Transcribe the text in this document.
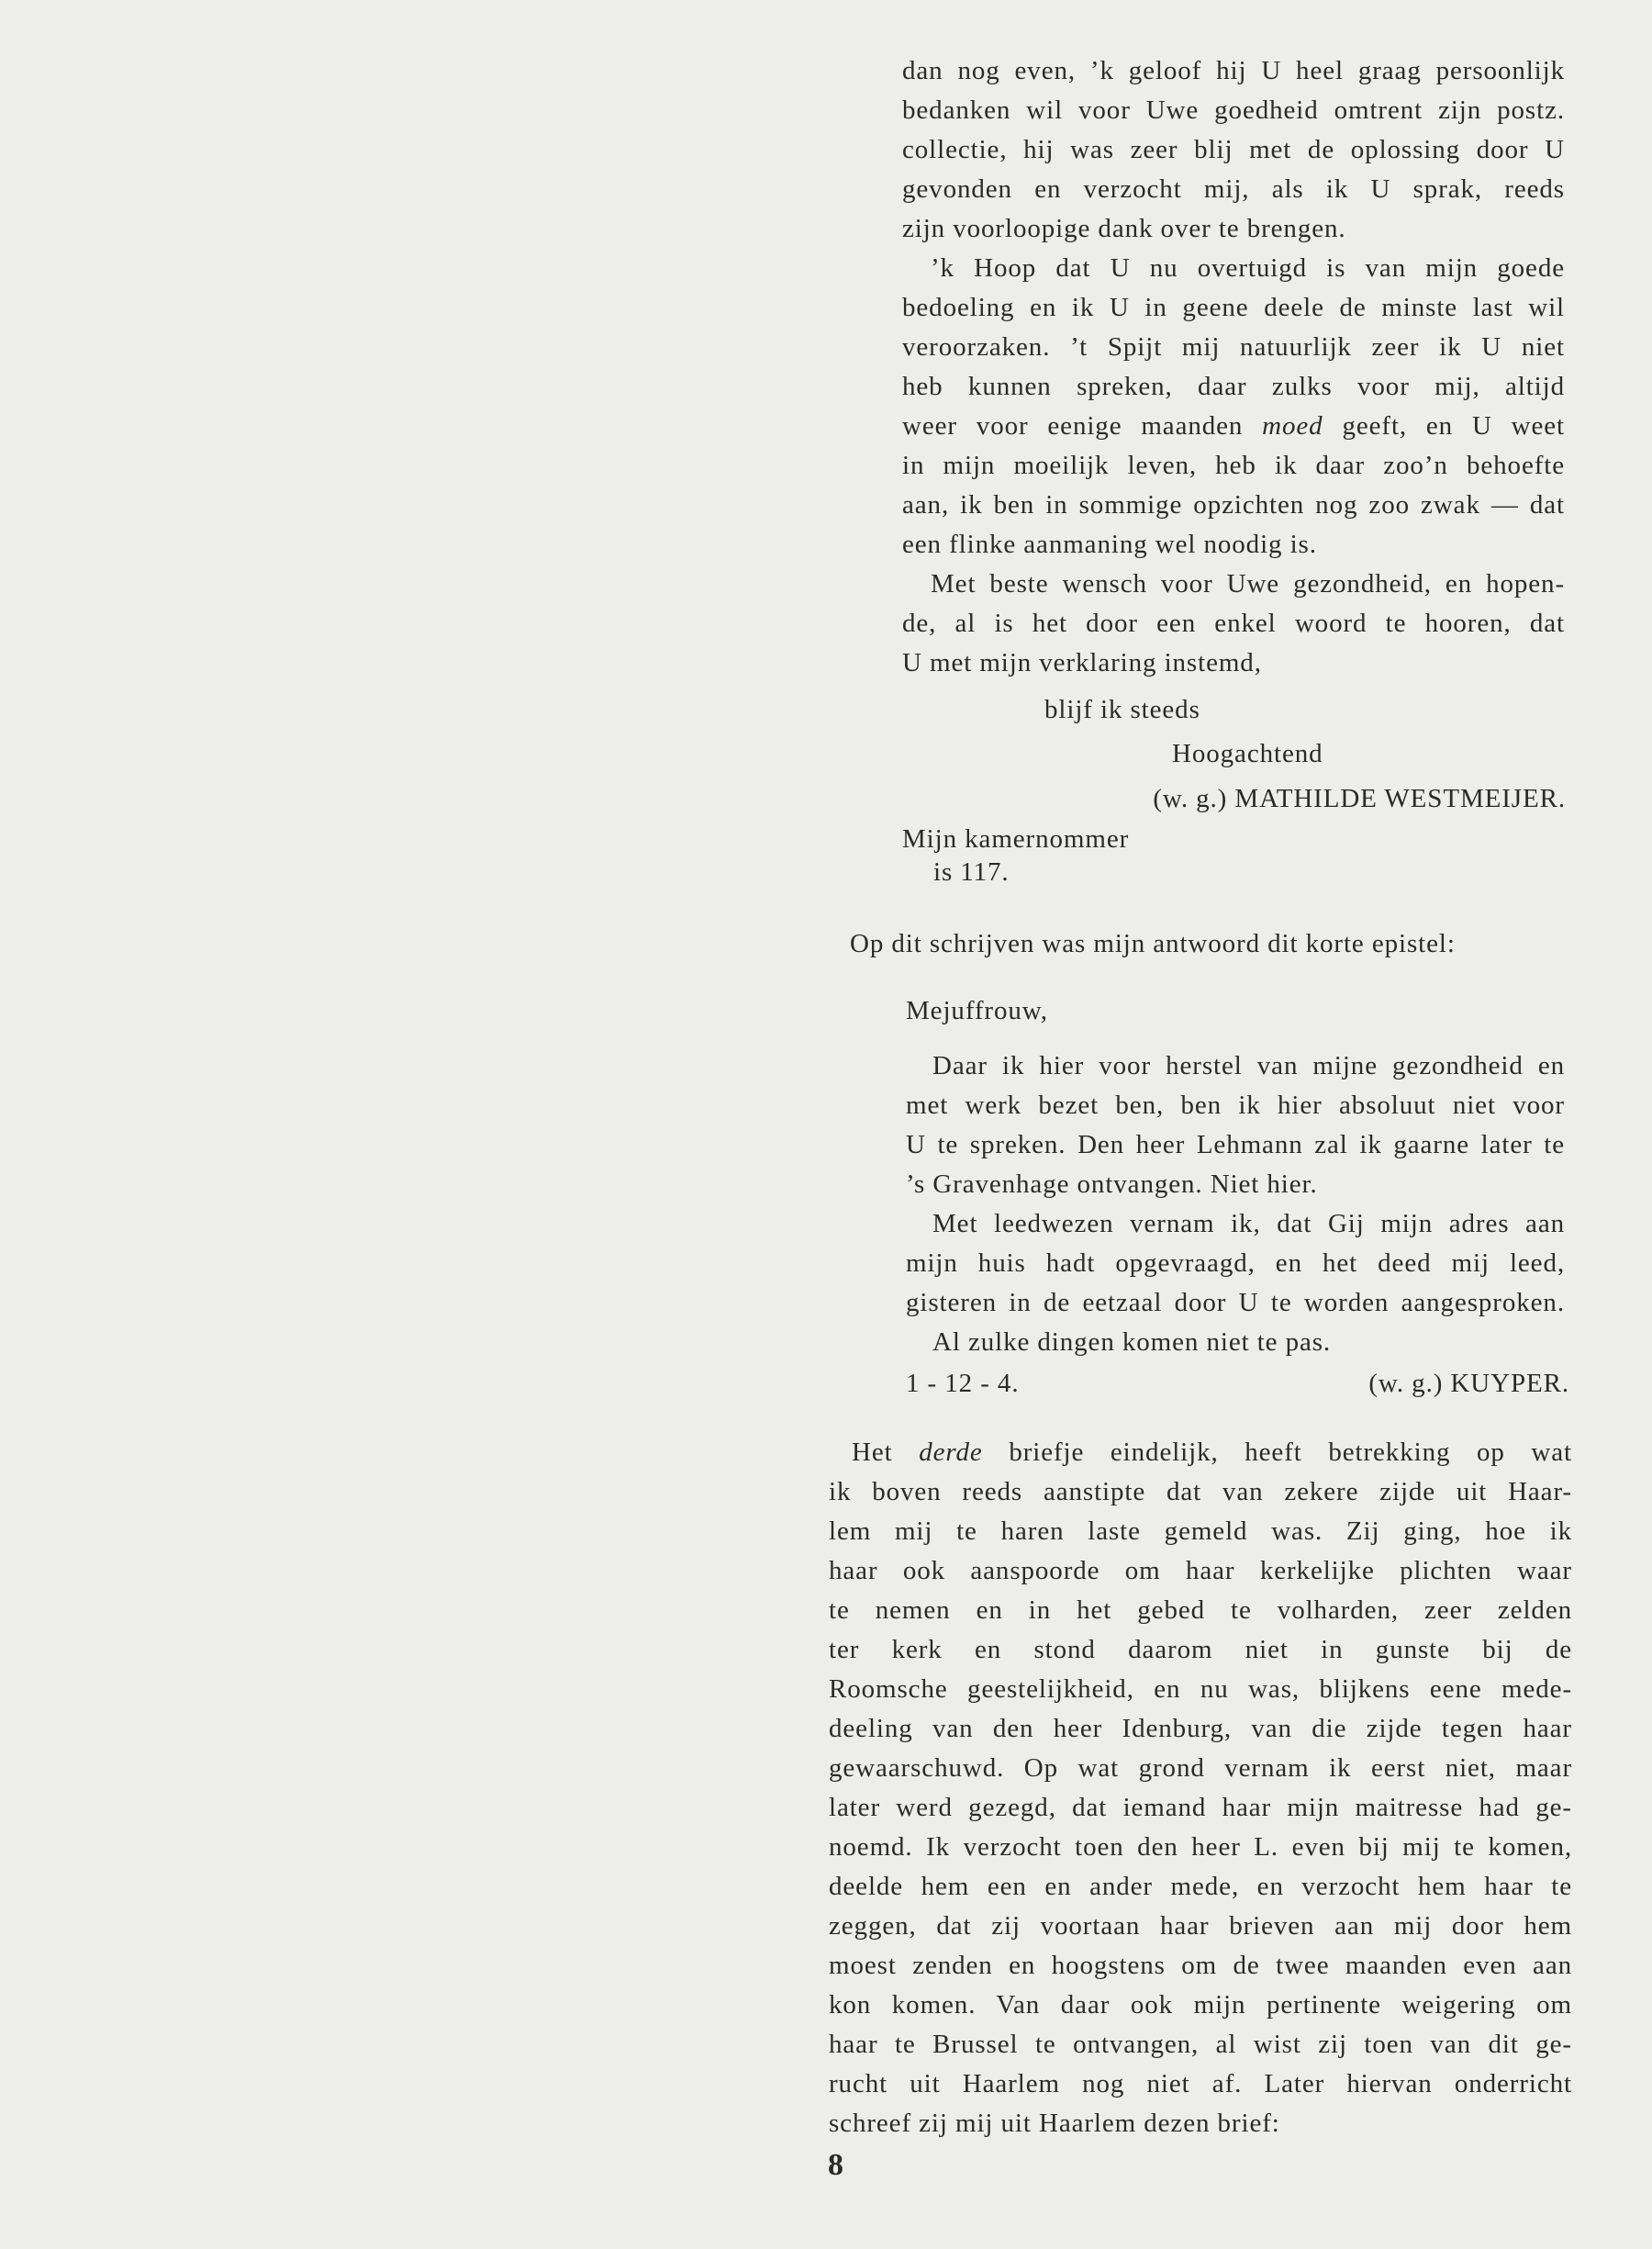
dan nog even, ’k geloof hij U heel graag persoonlijk
bedanken wil voor Uwe goedheid omtrent zijn postz.
collectie, hij was zeer blij met de oplossing door U
gevonden en verzocht mij, als ik U sprak, reeds
zijn voorloopige dank over te brengen.
’k Hoop dat U nu overtuigd is van mijn goede
bedoeling en ik U in geene deele de minste last wil
veroorzaken. ’t Spijt mij natuurlijk zeer ik U niet
heb kunnen spreken, daar zulks voor mij, altijd
weer voor eenige maanden moed geeft, en U weet
in mijn moeilijk leven, heb ik daar zoo’n behoefte
aan, ik ben in sommige opzichten nog zoo zwak — dat
een flinke aanmaning wel noodig is.
Met beste wensch voor Uwe gezondheid, en hopen-
de, al is het door een enkel woord te hooren, dat
U met mijn verklaring instemd,
blijf ik steeds
Hoogachtend
(w. g.) MATHILDE WESTMEIJER.
Mijn kamernommer
is 117.
Op dit schrijven was mijn antwoord dit korte epistel:
Mejuffrouw,
Daar ik hier voor herstel van mijne gezondheid en
met werk bezet ben, ben ik hier absoluut niet voor
U te spreken. Den heer Lehmann zal ik gaarne later te
’s Gravenhage ontvangen. Niet hier.
Met leedwezen vernam ik, dat Gij mijn adres aan
mijn huis hadt opgevraagd, en het deed mij leed,
gisteren in de eetzaal door U te worden aangesproken.
Al zulke dingen komen niet te pas.
1 - 12 - 4.	(w. g.) KUYPER.
Het derde briefje eindelijk, heeft betrekking op wat
ik boven reeds aanstipte dat van zekere zijde uit Haar-
lem mij te haren laste gemeld was. Zij ging, hoe ik
haar ook aanspoorde om haar kerkelijke plichten waar
te nemen en in het gebed te volharden, zeer zelden
ter kerk en stond daarom niet in gunste bij de
Roomsche geestelijkheid, en nu was, blijkens eene mede-
deeling van den heer Idenburg, van die zijde tegen haar
gewaarschuwd. Op wat grond vernam ik eerst niet, maar
later werd gezegd, dat iemand haar mijn maitresse had ge-
noemd. Ik verzocht toen den heer L. even bij mij te komen,
deelde hem een en ander mede, en verzocht hem haar te
zeggen, dat zij voortaan haar brieven aan mij door hem
moest zenden en hoogstens om de twee maanden even aan
kon komen. Van daar ook mijn pertinente weigering om
haar te Brussel te ontvangen, al wist zij toen van dit ge-
rucht uit Haarlem nog niet af. Later hiervan onderricht
schreef zij mij uit Haarlem dezen brief:
8
